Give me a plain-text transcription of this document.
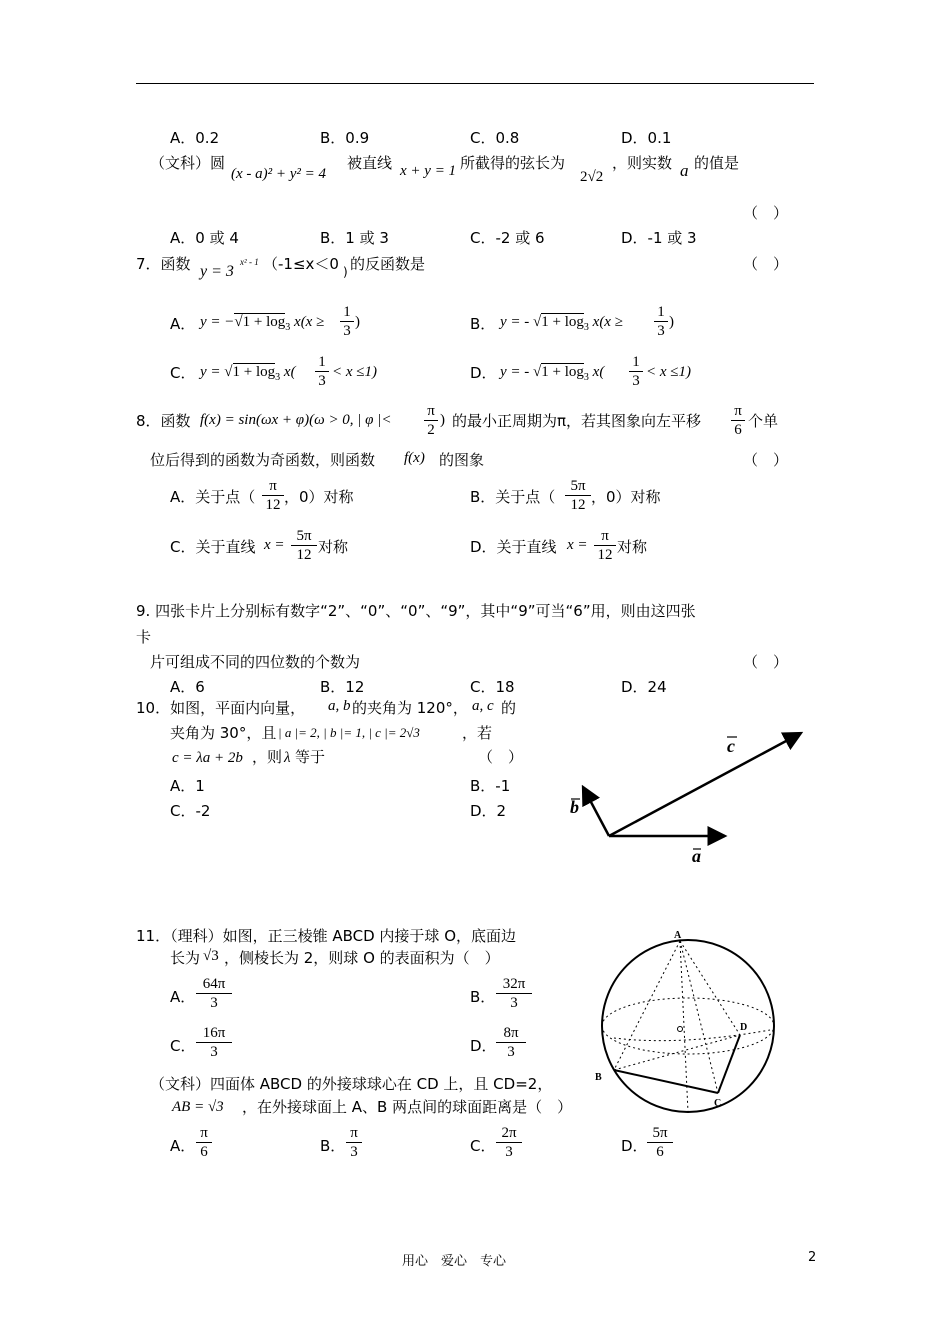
A．0.2	B．0.9	C．0.8	D．0.1
（文科）圆
(x - a)² + y² = 4
被直线 x + y = 1 所截得的弦长为
2√2
，则实数 a 的值是
（　）
A．0 或 4	B．1 或 3	C．-2 或 6	D．-1 或 3
7．函数 y = 3
x² - 1 （-1≤x＜0 ) 的反函数是	（　）
A． $y = -√1 + \log_3 x(x \ge \frac{1}{3}$ )	B． y = - $√1 + \log_3 x(x \ge \frac{1}{3}$ )
C． $y = √1 + \log_3 x( \frac{1}{3} < x \le 1)$	D． y = - $√1 + \log_3 x( \frac{1}{3} < x \le 1)$
8．函数 f(x) = sin(ωx + φ)(ω > 0, | φ |< $\frac{\pi}{2}$ ) 的最小正周期为π，若其图象向左平移 $\frac{\pi}{6}$ 个单
位后得到的函数为奇函数，则函数 f(x) 的图象	（　）
A．关于点（ $\frac{\pi}{12}$ ，0）对称	B．关于点（ $\frac{5\pi}{12}$ ，0）对称
C．关于直线 $x = \frac{5\pi}{12}$ 对称	D．关于直线 $x = \frac{\pi}{12}$ 对称
9. 四张卡片上分别标有数字“2”、“0”、“0”、“9”，其中“9”可当“6”用，则由这四张
卡
片可组成不同的四位数的个数为	（　）
A．6	B．12	C．18	D．24
10．如图，平面内向量， a, b 的夹角为 120°， a, c 的
夹角为 30°，且 | a |= 2, | b |= 1, | c |= 2√3	，若
c = λa + 2b ，则 λ 等于	（　）
A．1	B．-1
C．-2	D．2
c
b
a
11．（理科）如图，正三棱锥 ABCD 内接于球 O，底面边
长为 √3 ，侧棱长为 2，则球 O 的表面积为（　）
A． $\frac{64\pi}{3}$	B． $\frac{32\pi}{3}$
C． $\frac{16\pi}{3}$	D． $\frac{8\pi}{3}$
（文科）四面体 ABCD 的外接球球心在 CD 上，且 CD=2，
AB = √3 ，在外接球面上 A、B 两点间的球面距离是（　）
A． $\frac{\pi}{6}$	B． $\frac{\pi}{3}$	C． $\frac{2\pi}{3}$	D． $\frac{5\pi}{6}$
A
B
C
D
用心　爱心　专心	2
